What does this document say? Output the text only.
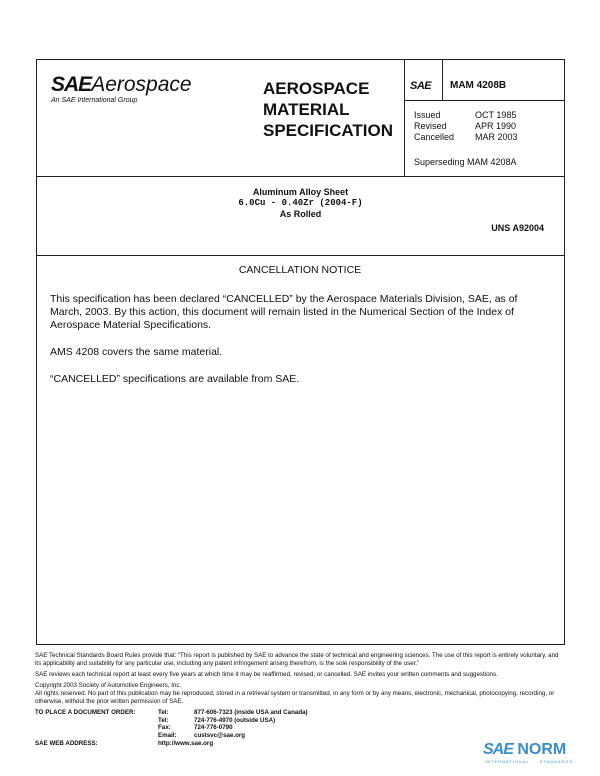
SAEAerospace
An SAE International Group
AEROSPACE
MATERIAL
SPECIFICATION
SAE MAM 4208B
Issued	OCT 1985
Revised	APR 1990
Cancelled	MAR 2003
Superseding MAM 4208A
Aluminum Alloy Sheet
6.0Cu - 0.40Zr (2004-F)
As Rolled
UNS A92004
CANCELLATION NOTICE

This specification has been declared “CANCELLED” by the Aerospace Materials Division, SAE, as of March, 2003. By this action, this document will remain listed in the Numerical Section of the Index of Aerospace Material Specifications.

AMS 4208 covers the same material.

“CANCELLED” specifications are available from SAE.

SAE Technical Standards Board Rules provide that: “This report is published by SAE to advance the state of technical and engineering sciences. The use of this report is entirely voluntary, and its applicability and suitability for any particular use, including any patent infringement arising therefrom, is the sole responsibility of the user.”

SAE reviews each technical report at least every five years at which time it may be reaffirmed, revised, or cancelled. SAE invites your written comments and suggestions.

Copyright 2003 Society of Automotive Engineers, Inc.

All rights reserved. No part of this publication may be reproduced, stored in a retrieval system or transmitted, in any form or by any means, electronic, mechanical, photocopying, recording, or otherwise, without the prior written permission of SAE.

TO PLACE A DOCUMENT ORDER:	Tel:	877-606-7323 (inside USA and Canada)
Tel:	724-776-4970 (outside USA)
Fax:	724-776-0790
Email:	custsvc@sae.org
SAE WEB ADDRESS:	http://www.sae.org	SAE NORM
INTERNATIONAL STANDARDS
